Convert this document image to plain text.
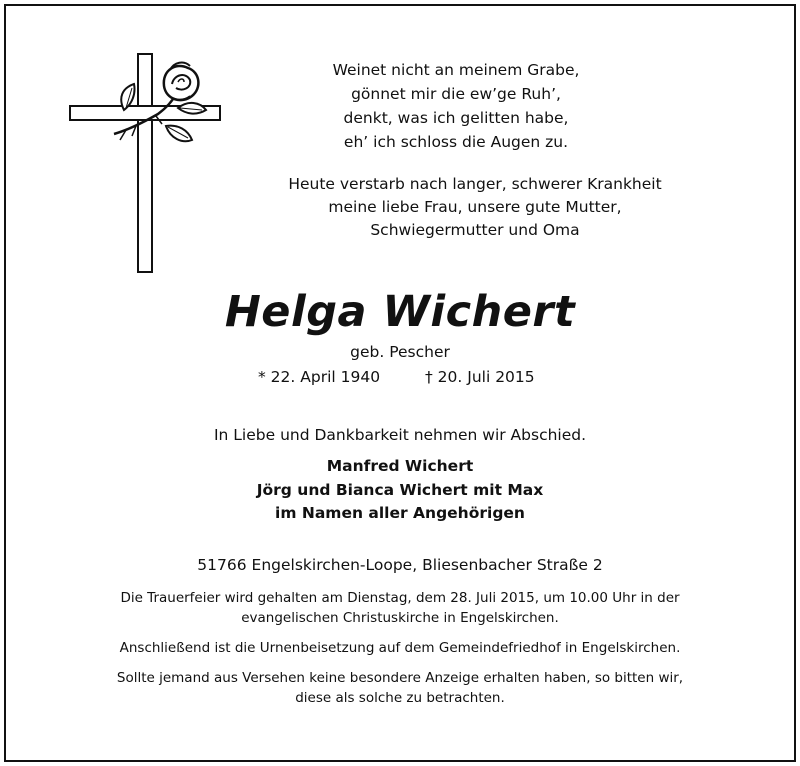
Weinet nicht an meinem Grabe,
gönnet mir die ew’ge Ruh’,
denkt, was ich gelitten habe,
eh’ ich schloss die Augen zu.
Heute verstarb nach langer, schwerer Krankheit
meine liebe Frau, unsere gute Mutter,
Schwiegermutter und Oma
Helga Wichert
geb. Pescher
* 22. April 1940	† 20. Juli 2015
In Liebe und Dankbarkeit nehmen wir Abschied.
Manfred Wichert
Jörg und Bianca Wichert mit Max
im Namen aller Angehörigen
51766 Engelskirchen-Loope, Bliesenbacher Straße 2

Die Trauerfeier wird gehalten am Dienstag, dem 28. Juli 2015, um 10.00 Uhr in der
evangelischen Christuskirche in Engelskirchen.

Anschließend ist die Urnenbeisetzung auf dem Gemeindefriedhof in Engelskirchen.

Sollte jemand aus Versehen keine besondere Anzeige erhalten haben, so bitten wir,
diese als solche zu betrachten.
